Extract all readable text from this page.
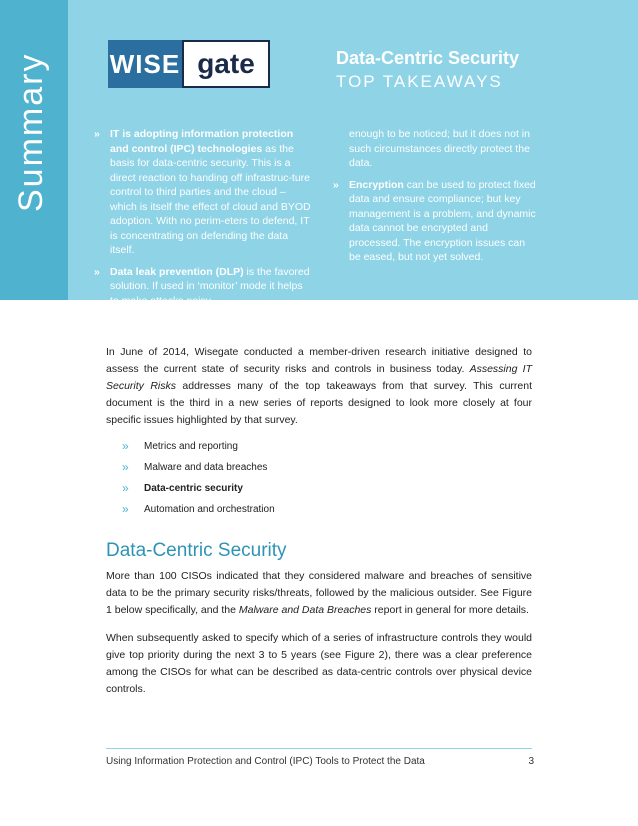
Summary WISE gate	Data-Centric Security
TOP TAKEAWAYS
» IT is adopting information protection and control (IPC) technologies as the basis for data-centric security. This is a direct reaction to handing off infrastruc-ture control to third parties and the cloud – which is itself the effect of cloud and BYOD adoption. With no perim-eters to defend, IT is concentrating on defending the data itself.
» Data leak prevention (DLP) is the favored solution. If used in ‘monitor’ mode it helps to make attacks noisy
enough to be noticed; but it does not in such circumstances directly protect the data.
» Encryption can be used to protect fixed data and ensure compliance; but key management is a problem, and dynamic data cannot be encrypted and processed. The encryption issues can be eased, but not yet solved.
In June of 2014, Wisegate conducted a member-driven research initiative designed to assess the current state of security risks and controls in business today. Assessing IT Security Risks addresses many of the top takeaways from that survey. This current document is the third in a new series of reports designed to look more closely at four specific issues highlighted by that survey.
» Metrics and reporting
» Malware and data breaches
» Data-centric security
» Automation and orchestration
Data-Centric Security
More than 100 CISOs indicated that they considered malware and breaches of sensitive data to be the primary security risks/threats, followed by the malicious outsider. See Figure 1 below specifically, and the Malware and Data Breaches report in general for more details.
When subsequently asked to specify which of a series of infrastructure controls they would give top priority during the next 3 to 5 years (see Figure 2), there was a clear preference among the CISOs for what can be described as data-centric controls over physical device controls.
Using Information Protection and Control (IPC) Tools to Protect the Data	3
